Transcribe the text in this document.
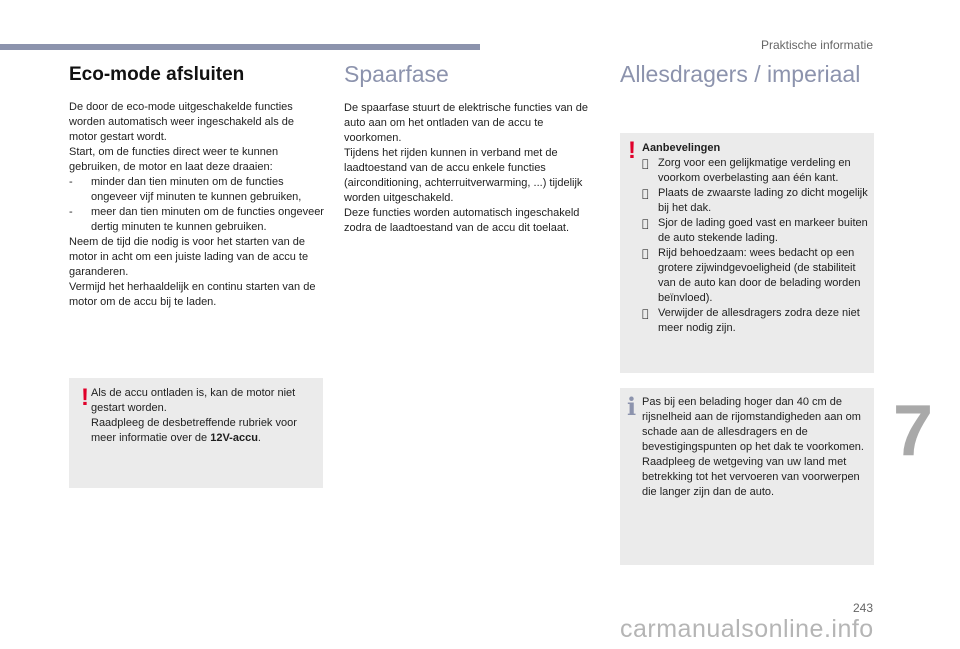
Praktische informatie
Eco-mode afsluiten

De door de eco-mode uitgeschakelde functies worden automatisch weer ingeschakeld als de motor gestart wordt.

Start, om de functies direct weer te kunnen gebruiken, de motor en laat deze draaien:

-	minder dan tien minuten om de functies ongeveer vijf minuten te kunnen gebruiken,
-	meer dan tien minuten om de functies ongeveer dertig minuten te kunnen gebruiken.

Neem de tijd die nodig is voor het starten van de motor in acht om een juiste lading van de accu te garanderen.

Vermijd het herhaaldelijk en continu starten van de motor om de accu bij te laden.

! Als de accu ontladen is, kan de motor niet gestart worden.
Raadpleeg de desbetreffende rubriek voor meer informatie over de 12V-accu.
Spaarfase

De spaarfase stuurt de elektrische functies van de auto aan om het ontladen van de accu te voorkomen.

Tijdens het rijden kunnen in verband met de laadtoestand van de accu enkele functies (airconditioning, achterruitverwarming, ...) tijdelijk worden uitgeschakeld.

Deze functies worden automatisch ingeschakeld zodra de laadtoestand van de accu dit toelaat.

Allesdragers / imperiaal
! Aanbevelingen
Zorg voor een gelijkmatige verdeling en voorkom overbelasting aan één kant.
Plaats de zwaarste lading zo dicht mogelijk bij het dak.
Sjor de lading goed vast en markeer buiten de auto stekende lading.
Rijd behoedzaam: wees bedacht op een grotere zijwindgevoeligheid (de stabiliteit van de auto kan door de belading worden beïnvloed).
Verwijder de allesdragers zodra deze niet meer nodig zijn.
i Pas bij een belading hoger dan 40 cm de rijsnelheid aan de rijomstandigheden aan om schade aan de allesdragers en de bevestigingspunten op het dak te voorkomen.
Raadpleeg de wetgeving van uw land met betrekking tot het vervoeren van voorwerpen die langer zijn dan de auto.
7
243
carmanualsonline.info
